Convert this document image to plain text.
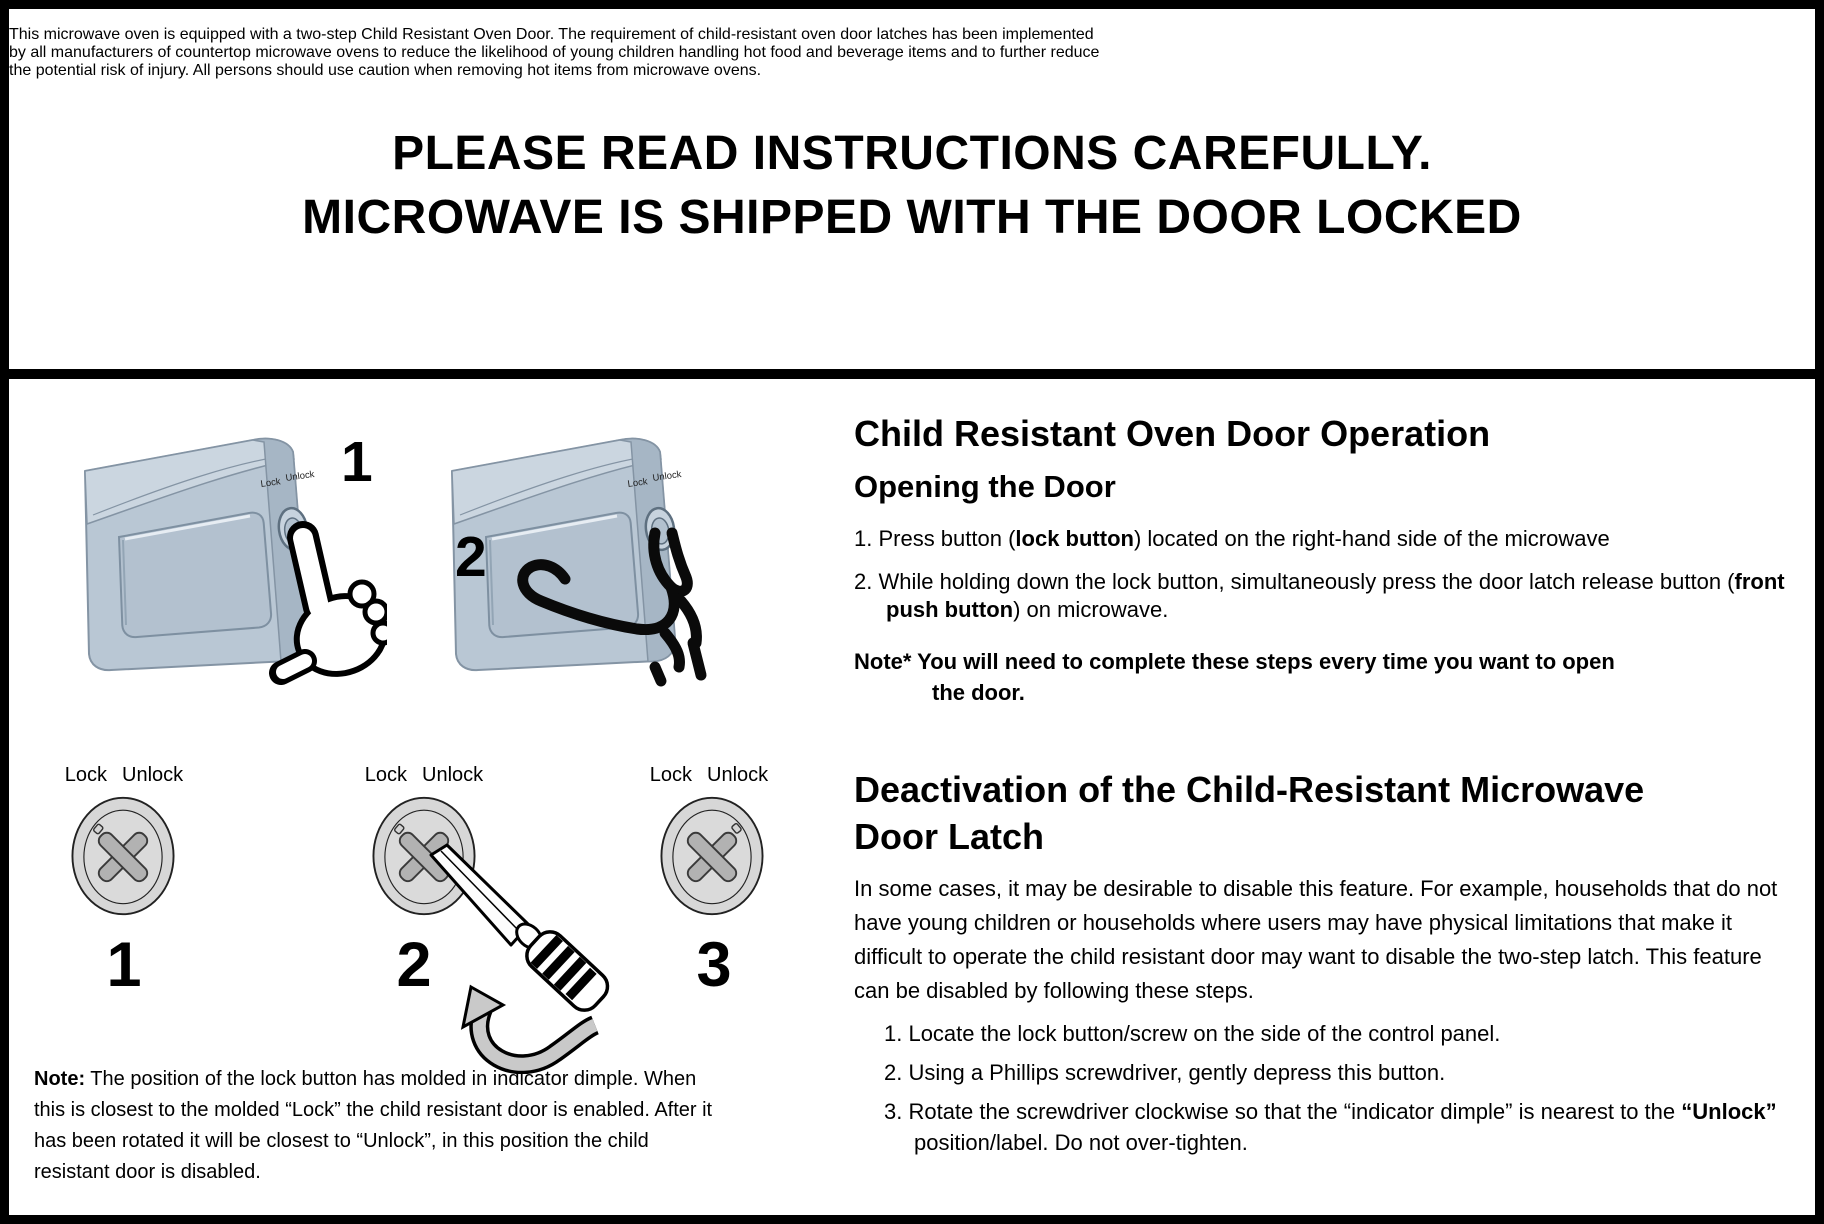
This microwave oven is equipped with a two-step Child Resistant Oven Door. The requirement of child-resistant oven door latches has been implemented
by all manufacturers of countertop microwave ovens to reduce the likelihood of young children handling hot food and beverage items and to further reduce
the potential risk of injury. All persons should use caution when removing hot items from microwave ovens.

PLEASE READ INSTRUCTIONS CAREFULLY.
MICROWAVE IS SHIPPED WITH THE DOOR LOCKED
Lock Unlock 1	Lock Unlock
2
Lock Unlock
1
Lock Unlock
2
Lock Unlock
3

Note: The position of the lock button has molded in indicator dimple. When this is closest to the molded “Lock” the child resistant door is enabled. After it has been rotated it will be closest to “Unlock”, in this position the child resistant door is disabled.

Child Resistant Oven Door Operation
Opening the Door

1. Press button (lock button) located on the right-hand side of the microwave

2. While holding down the lock button, simultaneously press the door latch release button (front push button) on microwave.

Note* You will need to complete these steps every time you want to open
the door.
Deactivation of the Child-Resistant Microwave
Door Latch

In some cases, it may be desirable to disable this feature. For example, households that do not have young children or households where users may have physical limitations that make it difficult to operate the child resistant door may want to disable the two-step latch. This feature can be disabled by following these steps.

1. Locate the lock button/screw on the side of the control panel.

2. Using a Phillips screwdriver, gently depress this button.

3. Rotate the screwdriver clockwise so that the “indicator dimple” is nearest to the “Unlock” position/label. Do not over-tighten.
